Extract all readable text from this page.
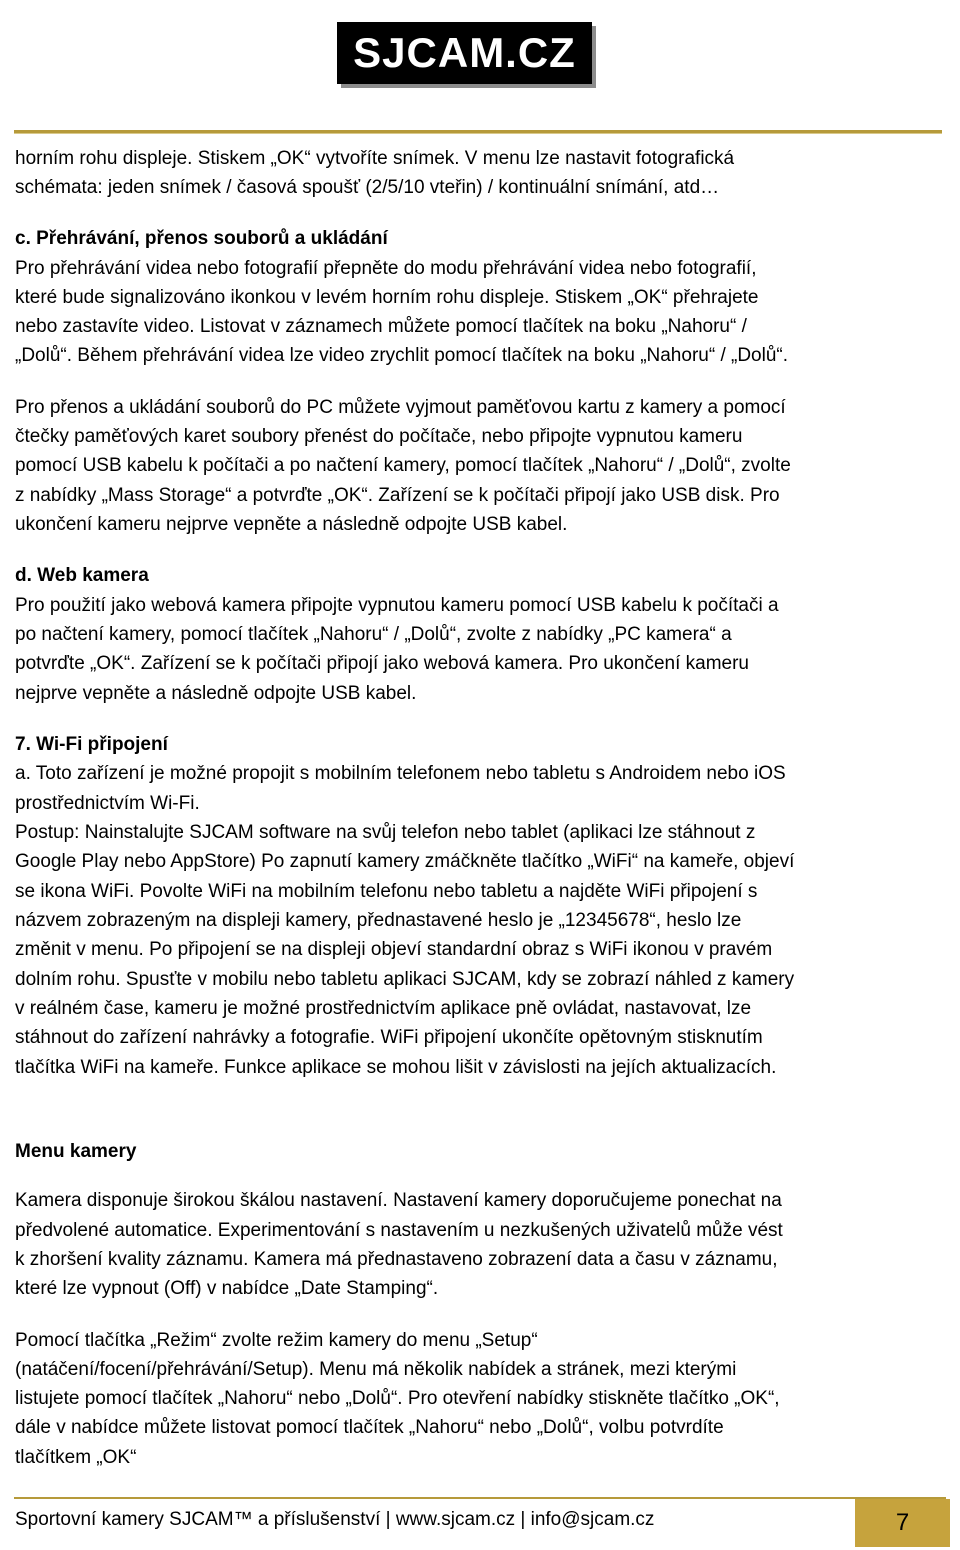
SJCAM.CZ
horním rohu displeje. Stiskem „OK“ vytvoříte snímek. V menu lze nastavit fotografická
schémata: jeden snímek / časová spoušť (2/5/10 vteřin) / kontinuální snímání, atd…
c. Přehrávání, přenos souborů a ukládání
Pro přehrávání videa nebo fotografií přepněte do modu přehrávání videa nebo fotografií,
které bude signalizováno ikonkou v levém horním rohu displeje. Stiskem „OK“ přehrajete
nebo zastavíte video. Listovat v záznamech můžete pomocí tlačítek na boku „Nahoru“ /
„Dolů“. Během přehrávání videa lze video zrychlit pomocí tlačítek na boku „Nahoru“ / „Dolů“.
Pro přenos a ukládání souborů do PC můžete vyjmout paměťovou kartu z kamery a pomocí
čtečky paměťových karet soubory přenést do počítače, nebo připojte vypnutou kameru
pomocí USB kabelu k počítači a po načtení kamery, pomocí tlačítek „Nahoru“ / „Dolů“, zvolte
z nabídky „Mass Storage“ a potvrďte „OK“. Zařízení se k počítači připojí jako USB disk. Pro
ukončení kameru nejprve vepněte a následně odpojte USB kabel.
d. Web kamera
Pro použití jako webová kamera připojte vypnutou kameru pomocí USB kabelu k počítači a
po načtení kamery, pomocí tlačítek „Nahoru“ / „Dolů“, zvolte z nabídky „PC kamera“ a
potvrďte „OK“. Zařízení se k počítači připojí jako webová kamera. Pro ukončení kameru
nejprve vepněte a následně odpojte USB kabel.
7. Wi-Fi připojení
a. Toto zařízení je možné propojit s mobilním telefonem nebo tabletu s Androidem nebo iOS
prostřednictvím Wi-Fi.
Postup: Nainstalujte SJCAM software na svůj telefon nebo tablet (aplikaci lze stáhnout z
Google Play nebo AppStore) Po zapnutí kamery zmáčkněte tlačítko „WiFi“ na kameře, objeví
se ikona WiFi. Povolte WiFi na mobilním telefonu nebo tabletu a najděte WiFi připojení s
názvem zobrazeným na displeji kamery, přednastavené heslo je „12345678“, heslo lze
změnit v menu. Po připojení se na displeji objeví standardní obraz s WiFi ikonou v pravém
dolním rohu. Spusťte v mobilu nebo tabletu aplikaci SJCAM, kdy se zobrazí náhled z kamery
v reálném čase, kameru je možné prostřednictvím aplikace pně ovládat, nastavovat, lze
stáhnout do zařízení nahrávky a fotografie. WiFi připojení ukončíte opětovným stisknutím
tlačítka WiFi na kameře. Funkce aplikace se mohou lišit v závislosti na jejích aktualizacích.
Menu kamery
Kamera disponuje širokou škálou nastavení. Nastavení kamery doporučujeme ponechat na
předvolené automatice. Experimentování s nastavením u nezkušených uživatelů může vést
k zhoršení kvality záznamu. Kamera má přednastaveno zobrazení data a času v záznamu,
které lze vypnout (Off) v nabídce „Date Stamping“.
Pomocí tlačítka „Režim“ zvolte režim kamery do menu „Setup“
(natáčení/focení/přehrávání/Setup). Menu má několik nabídek a stránek, mezi kterými
listujete pomocí tlačítek „Nahoru“ nebo „Dolů“. Pro otevření nabídky stiskněte tlačítko „OK“,
dále v nabídce můžete listovat pomocí tlačítek „Nahoru“ nebo „Dolů“, volbu potvrdíte
tlačítkem „OK“
Sportovní kamery SJCAM™ a příslušenství | www.sjcam.cz | info@sjcam.cz	7
